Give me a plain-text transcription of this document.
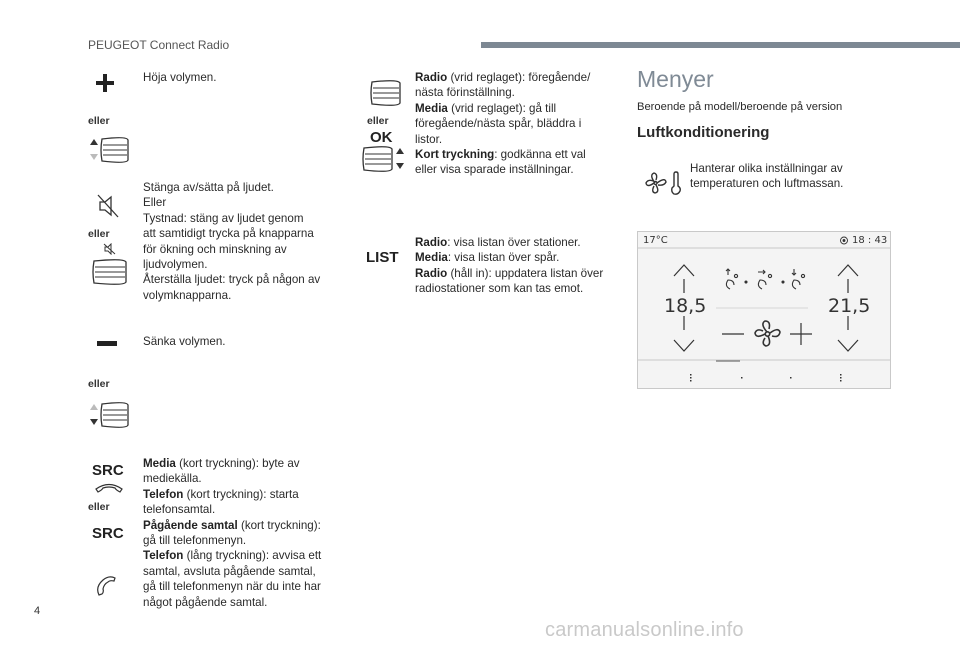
PEUGEOT Connect Radio
Höja volymen.
eller
eller
Stänga av/sätta på ljudet.
Eller
Tystnad: stäng av ljudet genom
att samtidigt trycka på knapparna
för ökning och minskning av
ljudvolymen.
Återställa ljudet: tryck på någon av
volymknapparna.
Sänka volymen.
eller
SRC
eller
SRC
Media (kort tryckning): byte av
mediekälla.
Telefon (kort tryckning): starta
telefonsamtal.
Pågående samtal (kort tryckning):
gå till telefonmenyn.
Telefon (lång tryckning): avvisa ett
samtal, avsluta pågående samtal,
gå till telefonmenyn när du inte har
något pågående samtal.
eller
OK
Radio (vrid reglaget): föregående/
nästa förinställning.
Media (vrid reglaget): gå till
föregående/nästa spår, bläddra i
listor.
Kort tryckning: godkänna ett val
eller visa sparade inställningar.
LIST
Radio: visa listan över stationer.
Media: visa listan över spår.
Radio (håll in): uppdatera listan över
radiostationer som kan tas emot.
Menyer
Beroende på modell/beroende på version
Luftkonditionering
Hanterar olika inställningar av
temperaturen och luftmassan.
17°C	18 : 43
18,5	21,5
4
carmanualsonline.info
